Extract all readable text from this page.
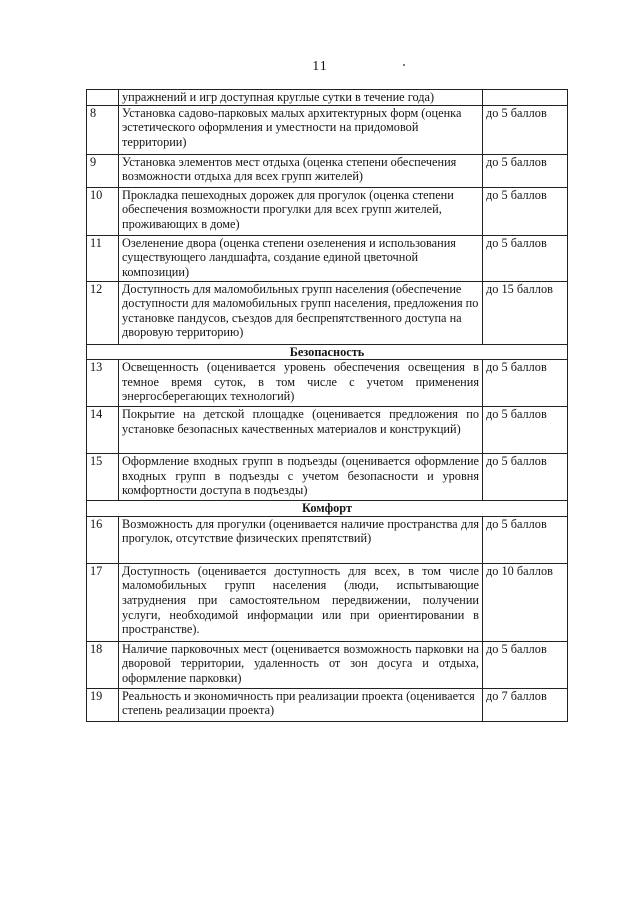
11
	упражнений и игр доступная круглые сутки в течение года)	
8	Установка садово-парковых малых архитектурных форм (оценка эстетического оформления и уместности на придомовой территории)	до 5 баллов
9	Установка элементов мест отдыха (оценка степени обеспечения возможности отдыха для всех групп жителей)	до 5 баллов
10	Прокладка пешеходных дорожек для прогулок (оценка степени обеспечения возможности прогулки для всех групп жителей, проживающих в доме)	до 5 баллов
11	Озеленение двора (оценка степени озеленения и использования существующего ландшафта, создание единой цветочной композиции)	до 5 баллов
12	Доступность для маломобильных групп населения (обеспечение доступности для маломобильных групп населения, предложения по установке пандусов, съездов для беспрепятственного доступа на дворовую территорию)	до 15 баллов
Безопасность		
13	Освещенность (оценивается уровень обеспечения освещения в темное время суток, в том числе с учетом применения энергосберегающих технологий)	до 5 баллов
14	Покрытие на детской площадке (оценивается предложения по установке безопасных качественных материалов и конструкций)	до 5 баллов
15	Оформление входных групп в подъезды (оценивается оформление входных групп в подъезды с учетом безопасности и уровня комфортности доступа в подъезды)	до 5 баллов
Комфорт		
16	Возможность для прогулки (оценивается наличие пространства для прогулок, отсутствие физических препятствий)	до 5 баллов
17	Доступность (оценивается доступность для всех, в том числе маломобильных групп населения (люди, испытывающие затруднения при самостоятельном передвижении, получении услуги, необходимой информации или при ориентировании в пространстве).	до 10 баллов
18	Наличие парковочных мест (оценивается возможность парковки на дворовой территории, удаленность от зон досуга и отдыха, оформление парковки)	до 5 баллов
19	Реальность и экономичность при реализации проекта (оценивается степень реализации проекта)	до 7 баллов
